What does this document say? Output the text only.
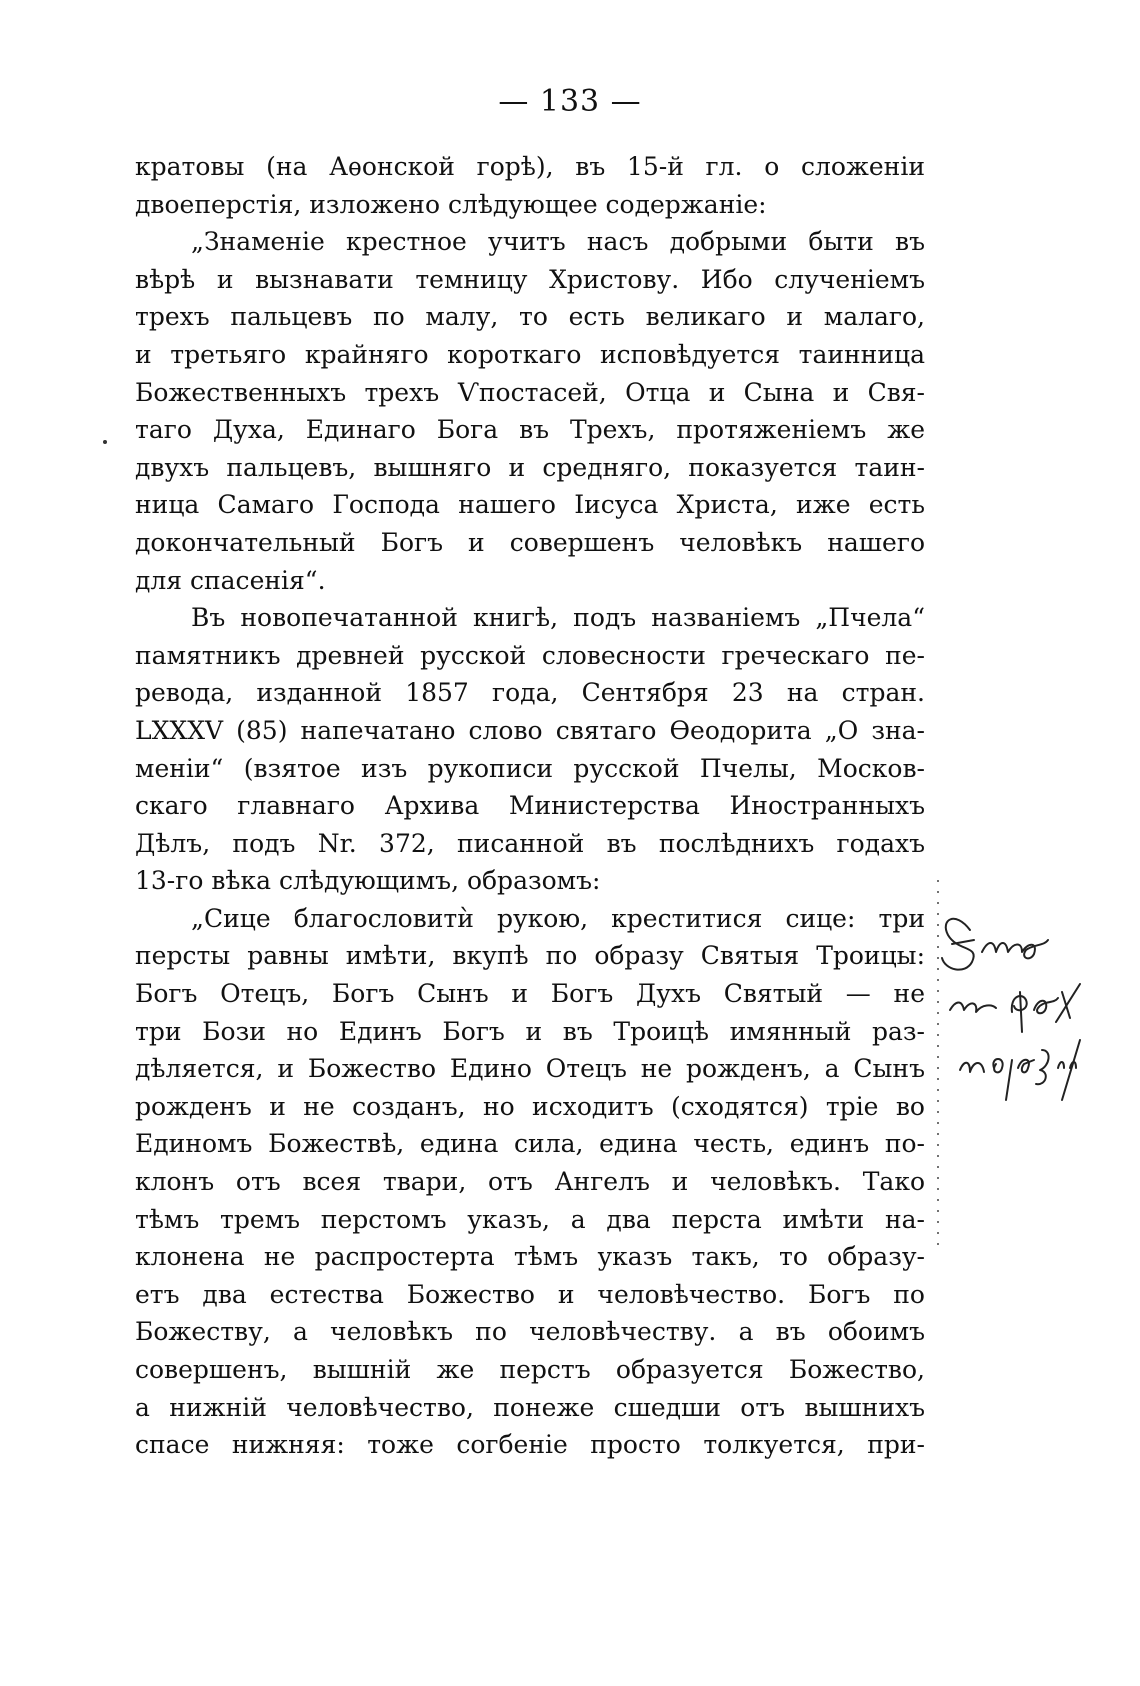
— 133 —
кратовы (на Аѳонской горѣ), въ 15-й гл. о сложеніи
двоеперстія, изложено слѣдующее содержаніе:
„Знаменіе крестное учитъ насъ добрыми быти въ
вѣрѣ и вызнавати темницу Христову. Ибо слученіемъ
трехъ пальцевъ по малу, то есть великаго и малаго,
и третьяго крайняго короткаго исповѣдуется таинница
Божественныхъ трехъ Ѵпостасей, Отца и Сына и Свя-
таго Духа, Единаго Бога въ Трехъ, протяженіемъ же
двухъ пальцевъ, вышняго и средняго, показуется таин-
ница Самаго Господа нашего Іисуса Христа, иже есть
докончательный Богъ и совершенъ человѣкъ нашего
для спасенія“.
Въ новопечатанной книгѣ, подъ названіемъ „Пчела“
памятникъ древней русской словесности греческаго пе-
ревода, изданной 1857 года, Сентября 23 на стран.
LXXXV (85) напечатано слово святаго Ѳеодорита „О зна-
меніи“ (взятое изъ рукописи русской Пчелы, Москов-
скаго главнаго Архива Министерства Иностранныхъ
Дѣлъ, подъ Nr. 372, писанной въ послѣднихъ годахъ
13-го вѣка слѣдующимъ, образомъ:
„Сице благословитѝ рукою, креститися сице: три
персты равны имѣти, вкупѣ по образу Святыя Троицы:
Богъ Отецъ, Богъ Сынъ и Богъ Духъ Святый — не
три Бози но Единъ Богъ и въ Троицѣ имянный раз-
дѣляется, и Божество Едино Отецъ не рожденъ, а Сынъ
рожденъ и не созданъ, но исходитъ (сходятся) тріе во
Единомъ Божествѣ, едина сила, едина честь, единъ по-
клонъ отъ всея твари, отъ Ангелъ и человѣкъ. Тако
тѣмъ тремъ перстомъ указъ, а два перста имѣти на-
клонена не распростерта тѣмъ указъ такъ, то образу-
етъ два естества Божество и человѣчество. Богъ по
Божеству, а человѣкъ по человѣчеству. а въ обоимъ
совершенъ, вышній же перстъ образуется Божество,
а нижній человѣчество, понеже сшедши отъ вышнихъ
спасе нижняя: тоже согбеніе просто толкуется, при-
